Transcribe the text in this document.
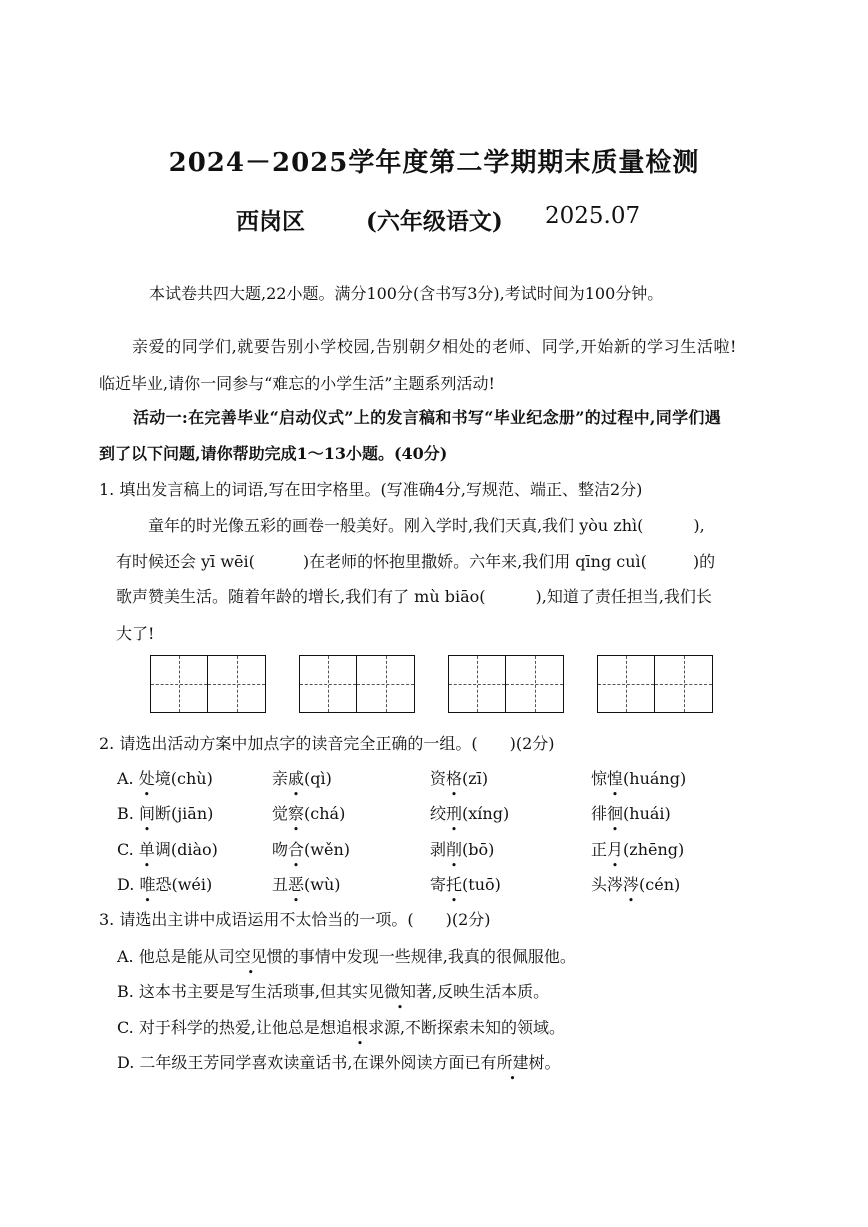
2024－2025学年度第二学期期末质量检测
西岗区	(六年级语文) 2025.07
本试卷共四大题,22小题。满分100分(含书写3分),考试时间为100分钟。
亲爱的同学们,就要告别小学校园,告别朝夕相处的老师、同学,开始新的学习生活啦!
临近毕业,请你一同参与“难忘的小学生活”主题系列活动!
活动一:在完善毕业“启动仪式”上的发言稿和书写“毕业纪念册”的过程中,同学们遇
到了以下问题,请你帮助完成1～13小题。(40分)
1. 填出发言稿上的词语,写在田字格里。(写准确4分,写规范、端正、整洁2分)
童年的时光像五彩的画卷一般美好。刚入学时,我们天真,我们 yòu zhì(	),
有时候还会 yī wēi(	)在老师的怀抱里撒娇。六年来,我们用 qīng cuì(	)的
歌声赞美生活。随着年龄的增长,我们有了 mù biāo(	),知道了责任担当,我们长
大了!
2. 请选出活动方案中加点字的读音完全正确的一组。(　　)(2分)
A. 处境(chù)	亲戚(qì)	资格(zī)	惊惶(huáng)
B. 间断(jiān)	觉察(chá)	绞刑(xíng)	徘徊(huái)
C. 单调(diào)	吻合(wěn)	剥削(bō)	正月(zhēng)
D. 唯恐(wéi)	丑恶(wù)	寄托(tuō)	头涔涔(cén)
3. 请选出主讲中成语运用不太恰当的一项。(　　)(2分)
A. 他总是能从司空见惯的事情中发现一些规律,我真的很佩服他。
B. 这本书主要是写生活琐事,但其实见微知著,反映生活本质。
C. 对于科学的热爱,让他总是想追根求源 •,不断探索未知的领域。
D. 二年级王芳同学喜欢读童话书,在课外阅读方面已有所建树。
